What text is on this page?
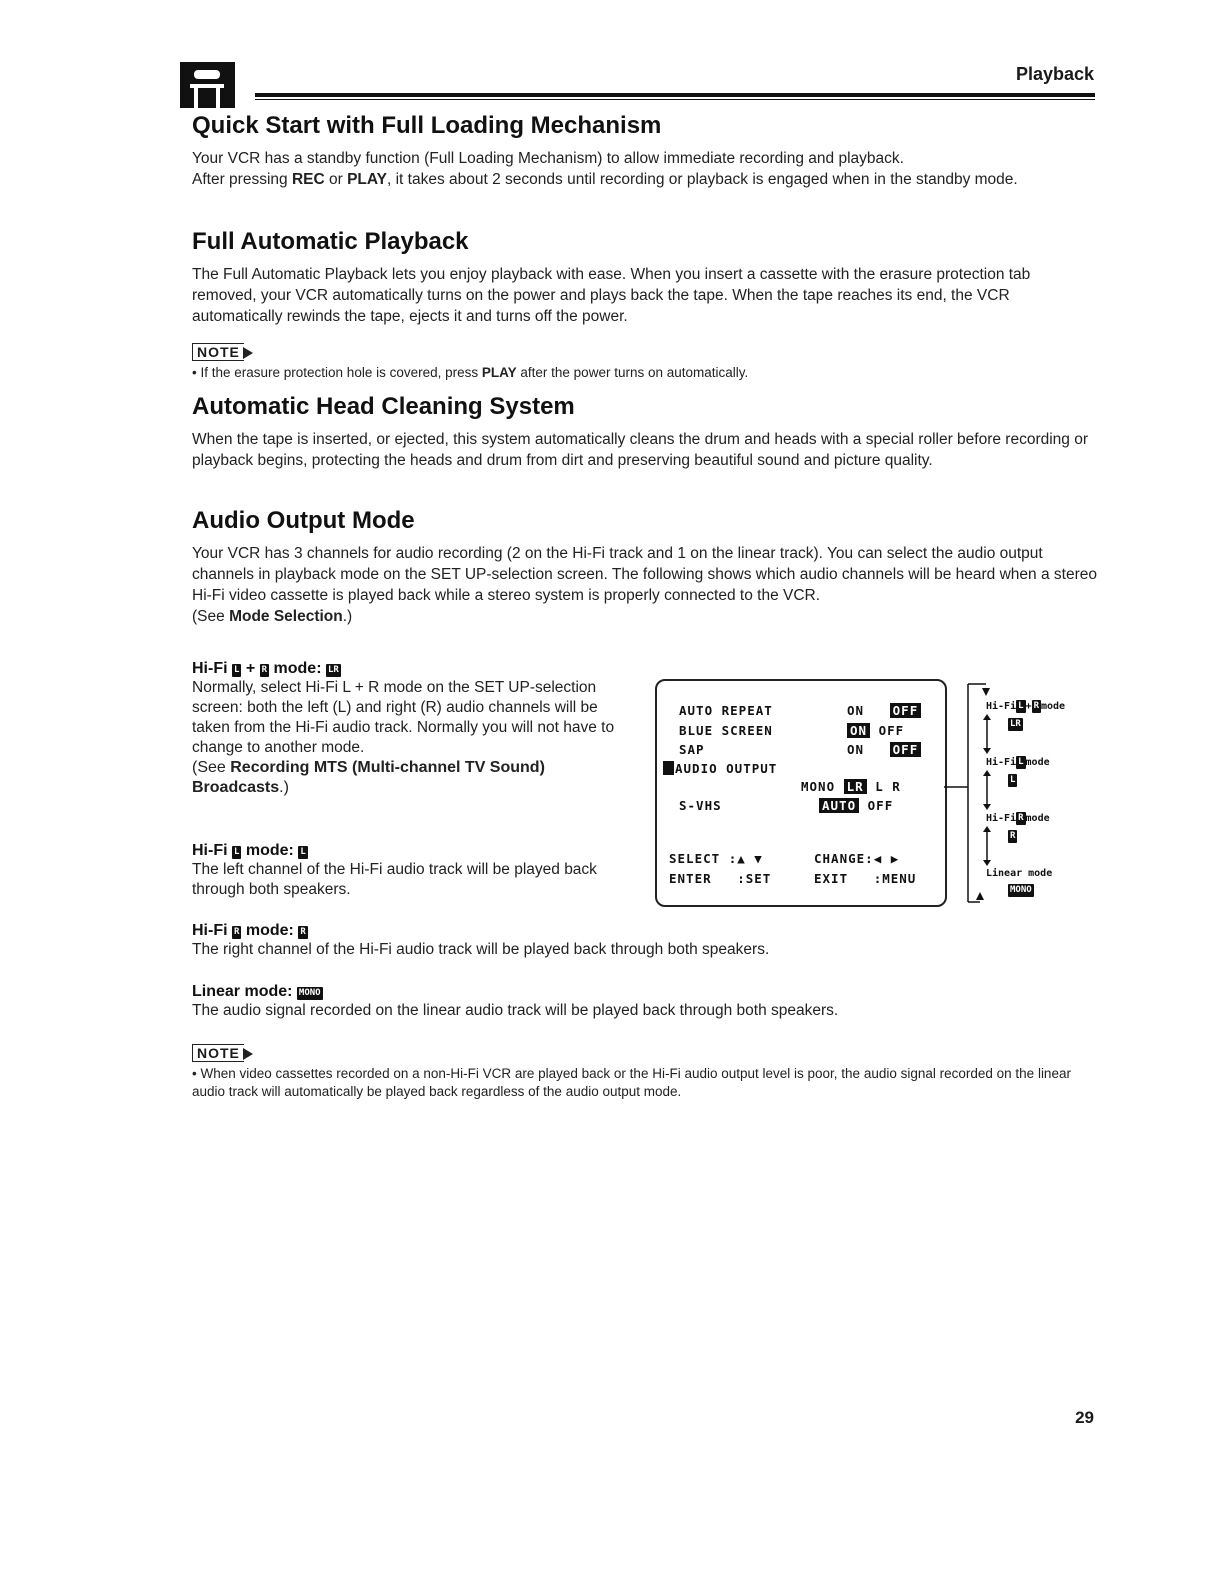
Playback
Quick Start with Full Loading Mechanism
Your VCR has a standby function (Full Loading Mechanism) to allow immediate recording and playback.
After pressing REC or PLAY, it takes about 2 seconds until recording or playback is engaged when in the standby mode.
Full Automatic Playback

The Full Automatic Playback lets you enjoy playback with ease. When you insert a cassette with the erasure protection tab removed, your VCR automatically turns on the power and plays back the tape. When the tape reaches its end, the VCR automatically rewinds the tape, ejects it and turns off the power.

NOTE
• If the erasure protection hole is covered, press PLAY after the power turns on automatically.
Automatic Head Cleaning System

When the tape is inserted, or ejected, this system automatically cleans the drum and heads with a special roller before recording or playback begins, protecting the heads and drum from dirt and preserving beautiful sound and picture quality.

Audio Output Mode

Your VCR has 3 channels for audio recording (2 on the Hi-Fi track and 1 on the linear track). You can select the audio output channels in playback mode on the SET UP-selection screen. The following shows which audio channels will be heard when a stereo Hi-Fi video cassette is played back while a stereo system is properly connected to the VCR.

(See Mode Selection.)

Hi-Fi L + R mode: LR

Normally, select Hi-Fi L + R mode on the SET UP-selection screen: both the left (L) and right (R) audio channels will be taken from the Hi-Fi audio track. Normally you will not have to change to another mode.

(See Recording MTS (Multi-channel TV Sound) Broadcasts.)

Hi-Fi L mode: L

The left channel of the Hi-Fi audio track will be played back through both speakers.

AUTO REPEAT	ON OFF
BLUE SCREEN	ON OFF
SAP	ON OFF
AUDIO OUTPUT
MONO LR L R
S-VHS	AUTO OFF
SELECT :▲ ▼	CHANGE:◀ ▶
ENTER :SET	EXIT :MENU
Hi-Fi L + R mode
LR
Hi-Fi L mode
L
Hi-Fi R mode
R
Linear mode
MONO
Hi-Fi R mode: R

The right channel of the Hi-Fi audio track will be played back through both speakers.

Linear mode: MONO

The audio signal recorded on the linear audio track will be played back through both speakers.

NOTE

• When video cassettes recorded on a non-Hi-Fi VCR are played back or the Hi-Fi audio output level is poor, the audio signal recorded on the linear audio track will automatically be played back regardless of the audio output mode.

29
